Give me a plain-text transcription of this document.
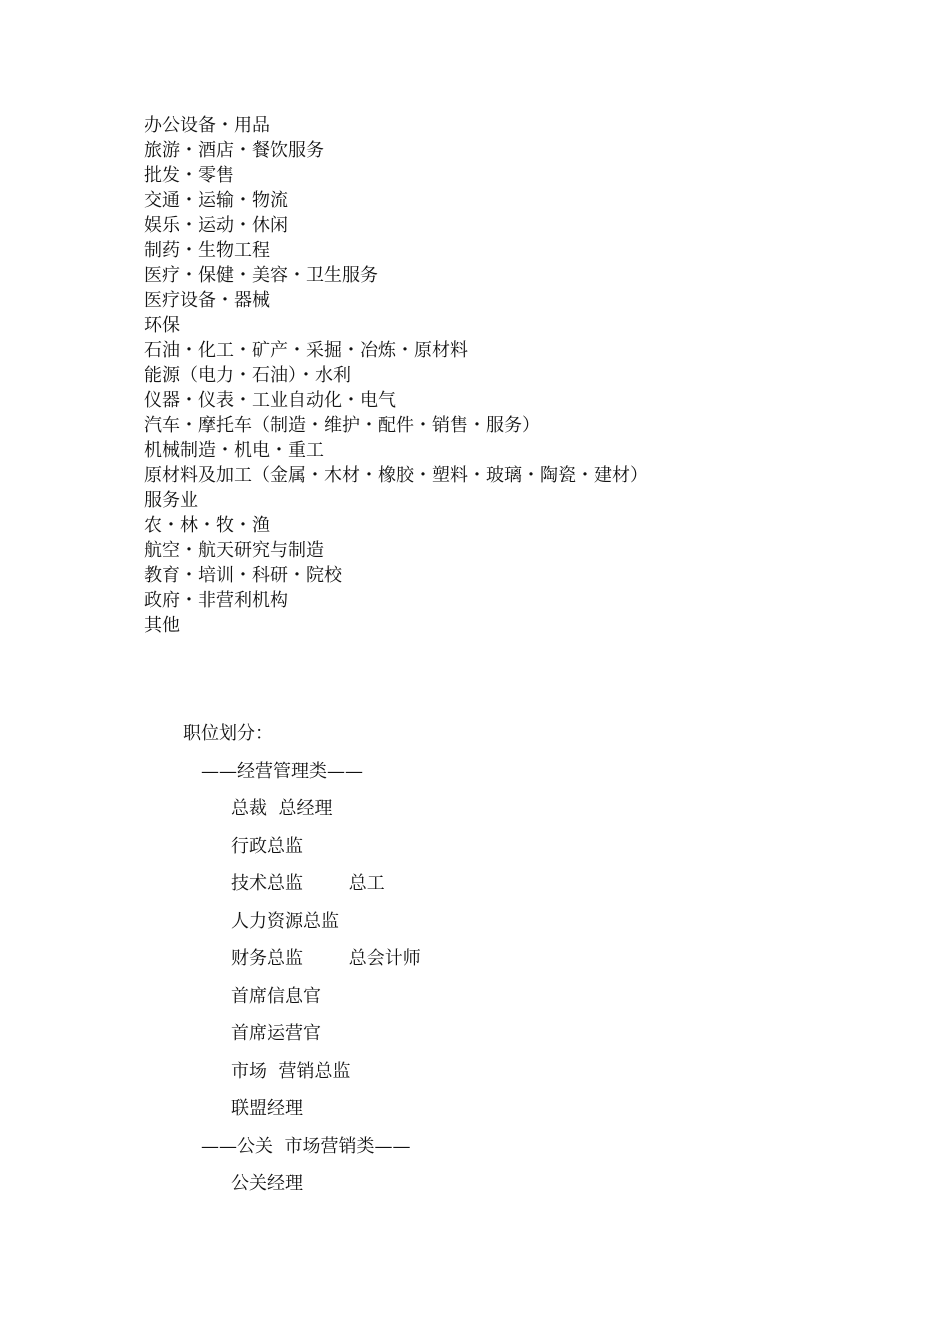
办公设备・用品
旅游・酒店・餐饮服务
批发・零售
交通・运输・物流
娱乐・运动・休闲
制药・生物工程
医疗・保健・美容・卫生服务
医疗设备・器械
环保
石油・化工・矿产・采掘・冶炼・原材料
能源（电力・石油）・水利
仪器・仪表・工业自动化・电气
汽车・摩托车（制造・维护・配件・销售・服务）
机械制造・机电・重工
原材料及加工（金属・木材・橡胶・塑料・玻璃・陶瓷・建材）
服务业
农・林・牧・渔
航空・航天研究与制造
教育・培训・科研・院校
政府・非营利机构
其他
职位划分：
——经营管理类——
总裁  总经理
行政总监
技术总监        总工
人力资源总监
财务总监        总会计师
首席信息官
首席运营官
市场  营销总监
联盟经理
——公关  市场营销类——
公关经理
